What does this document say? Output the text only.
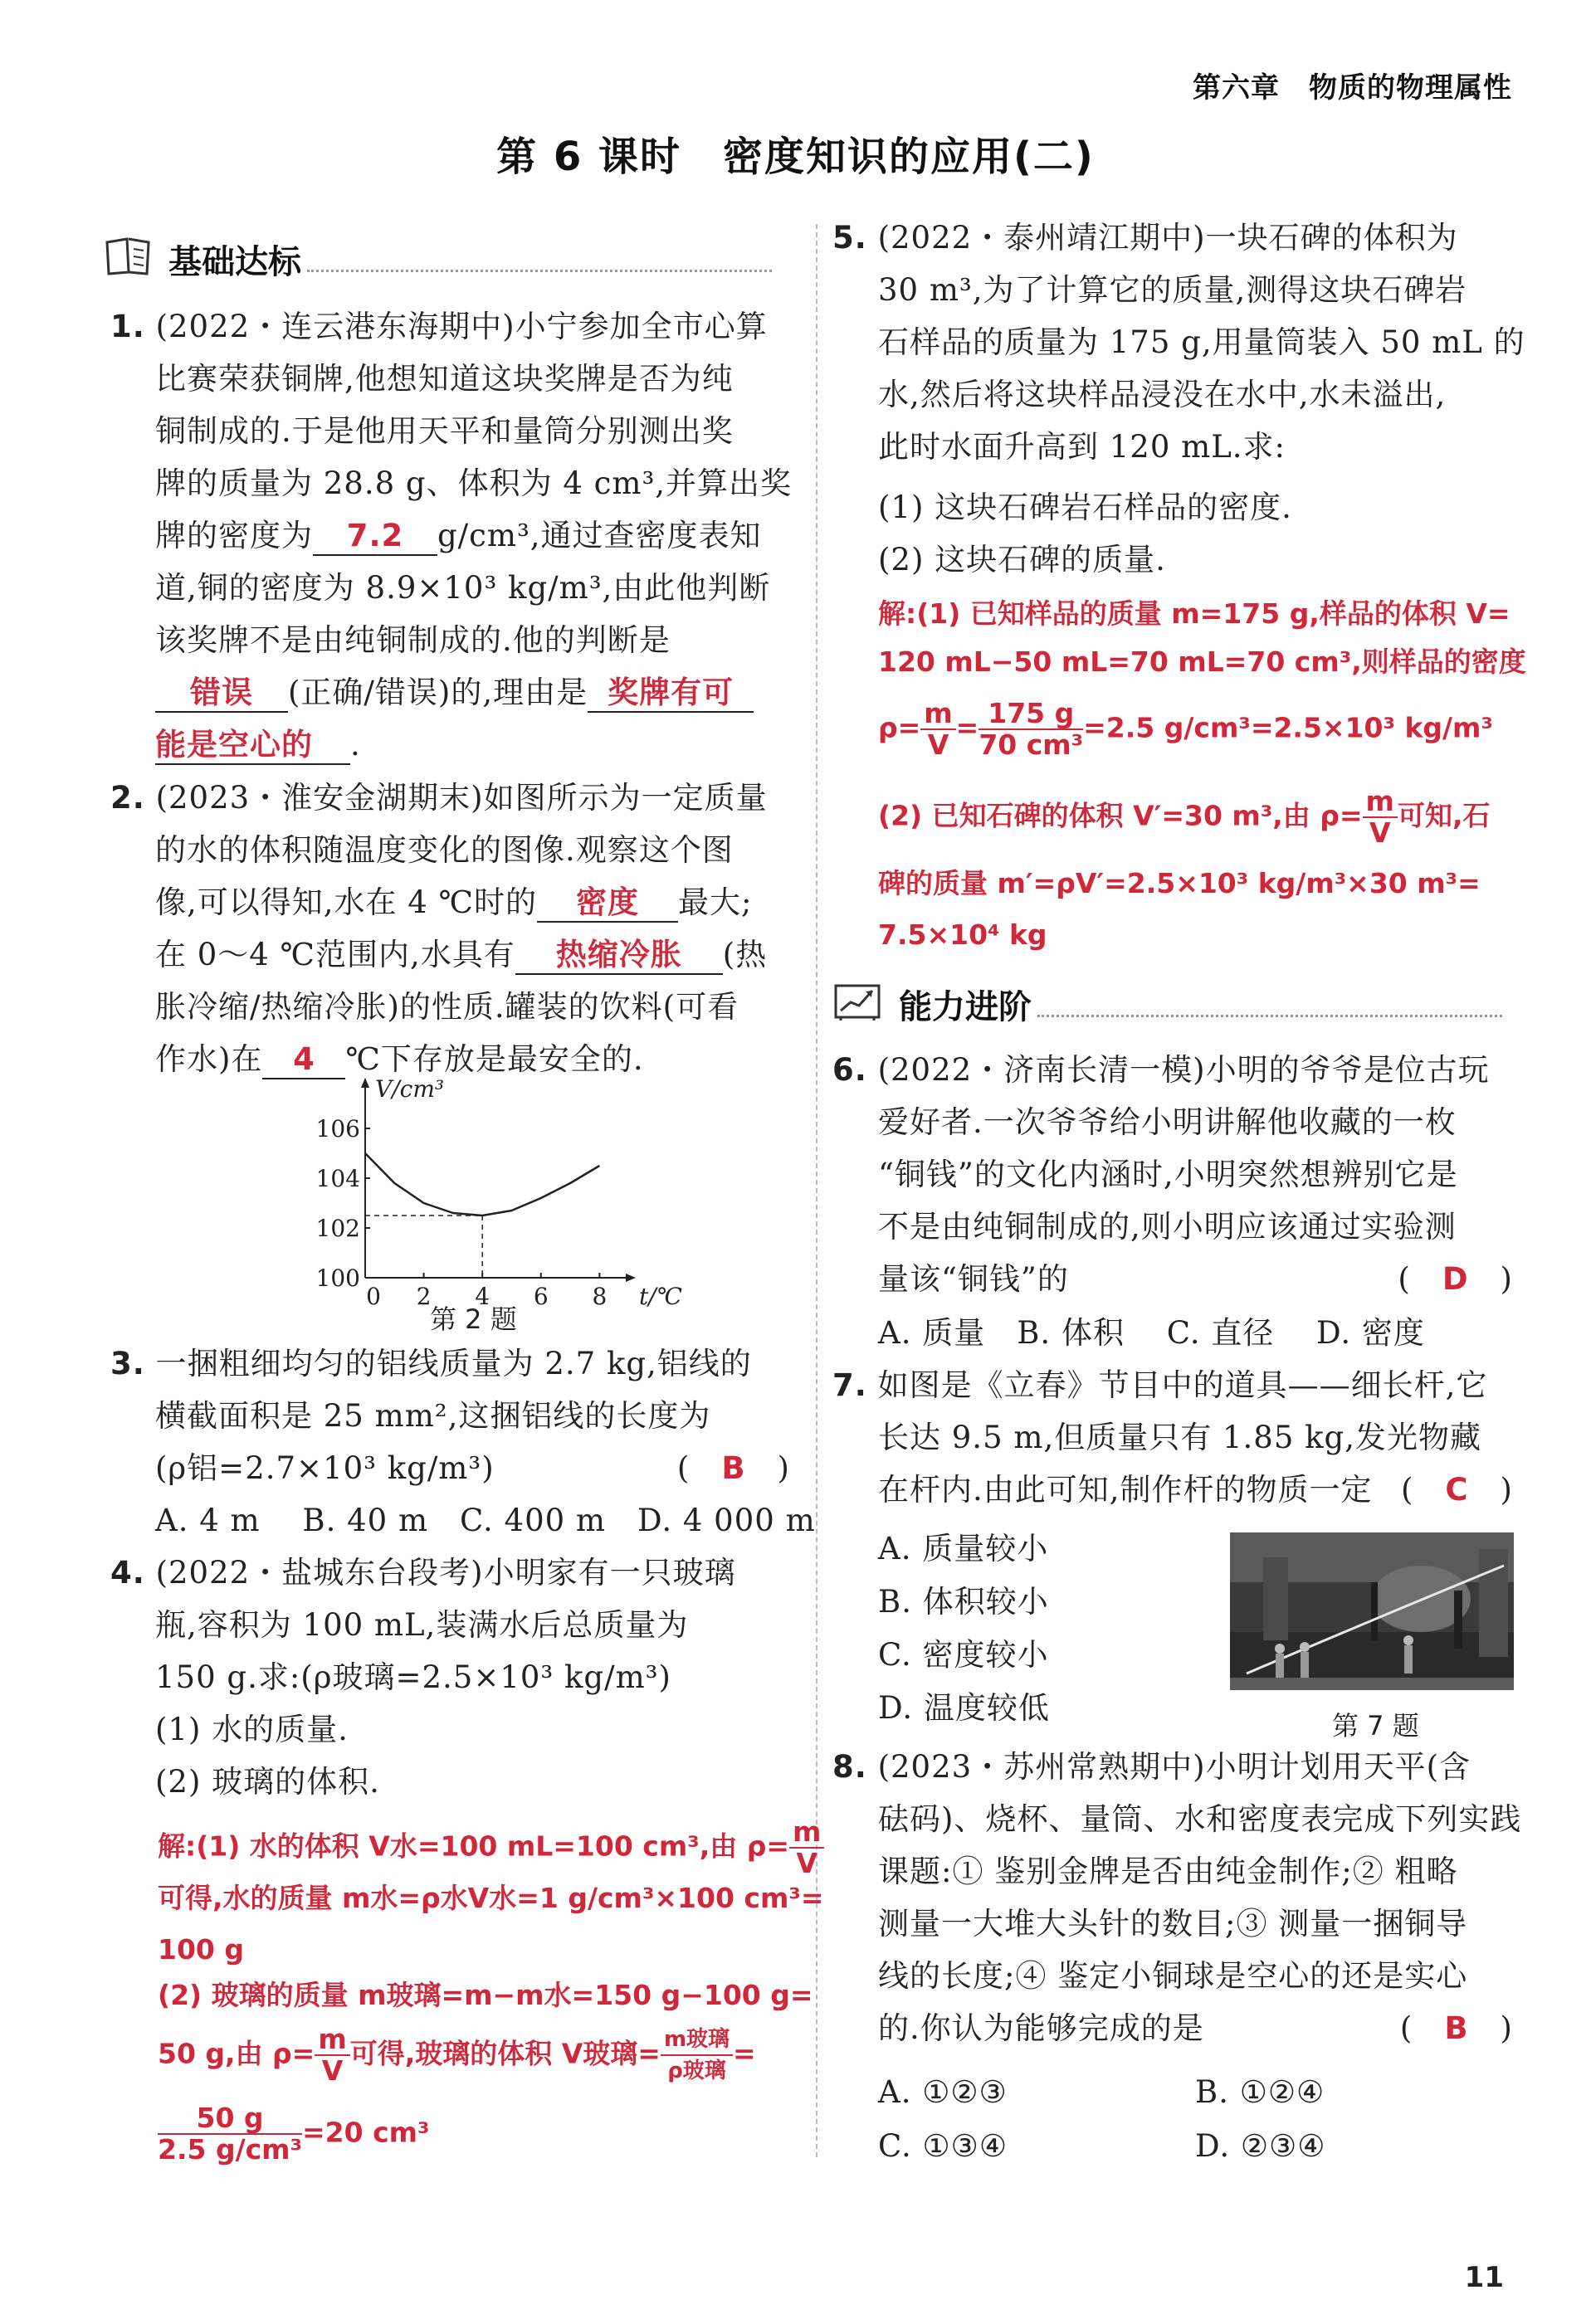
第六章　物质的物理属性
第 6 课时　密度知识的应用(二)
基础达标
1. (2022・连云港东海期中)小宁参加全市心算
比赛荣获铜牌,他想知道这块奖牌是否为纯
铜制成的.于是他用天平和量筒分别测出奖
牌的质量为 28.8 g、体积为 4 cm³,并算出奖
牌的密度为 7.2 g/cm³,通过查密度表知
道,铜的密度为 8.9×10³ kg/m³,由此他判断
该奖牌不是由纯铜制成的.他的判断是
错误 (正确/错误)的,理由是 奖牌有可
能是空心的 .
2. (2023・淮安金湖期末)如图所示为一定质量
的水的体积随温度变化的图像.观察这个图
像,可以得知,水在 4 ℃时的 密度 最大;
在 0～4 ℃范围内,水具有 热缩冷胀 (热
胀冷缩/热缩冷胀)的性质.罐装的饮料(可看
作水)在 4 ℃下存放是最安全的.
V/cm³
t/℃
0 2 4 6 8
100
102
104
106
第 2 题
3. 一捆粗细均匀的铝线质量为 2.7 kg,铝线的
横截面积是 25 mm²,这捆铝线的长度为
(ρ铝=2.7×10³ kg/m³)	(　B　)
A. 4 m　 B. 40 m　C. 400 m　D. 4 000 m
4. (2022・盐城东台段考)小明家有一只玻璃
瓶,容积为 100 mL,装满水后总质量为
150 g.求:(ρ玻璃=2.5×10³ kg/m³)
(1) 水的质量.
(2) 玻璃的体积.
解:(1) 水的体积 V水=100 mL=100 cm³,由 $\rho= \frac{m}{V}$
可得,水的质量 m水=ρ水V水=1 g/cm³×100 cm³=
100 g
(2) 玻璃的质量 m玻璃=m−m水=150 g−100 g=
50 g,由 $\rho= \frac{m}{V}$ 可得,玻璃的体积 V玻璃= $\frac{\text{m玻璃}}{\text{ρ玻璃}}$ =
$\frac{50 g}{\text{2.5 g/cm³}} =20$ cm³
5. (2022・泰州靖江期中)一块石碑的体积为
30 m³,为了计算它的质量,测得这块石碑岩
石样品的质量为 175 g,用量筒装入 50 mL 的
水,然后将这块样品浸没在水中,水未溢出,
此时水面升高到 120 mL.求:
(1) 这块石碑岩石样品的密度.
(2) 这块石碑的质量.
解:(1) 已知样品的质量 m=175 g,样品的体积 V=
120 mL−50 mL=70 mL=70 cm³,则样品的密度
$\rho= \frac{m}{V} = \frac{175 g}{\text{70 cm³}} =2.5$ g/cm³=2.5×10³ kg/m³
(2) 已知石碑的体积 V′=30 m³,由 $\rho= \frac{m}{V}$ 可知,石
碑的质量 m′=ρV′=2.5×10³ kg/m³×30 m³=
7.5×10⁴ kg
能力进阶
6. (2022・济南长清一模)小明的爷爷是位古玩
爱好者.一次爷爷给小明讲解他收藏的一枚
“铜钱”的文化内涵时,小明突然想辨别它是
不是由纯铜制成的,则小明应该通过实验测
量该“铜钱”的	(　D　)
A. 质量　B. 体积　 C. 直径　 D. 密度
7. 如图是《立春》节目中的道具——细长杆,它
长达 9.5 m,但质量只有 1.85 kg,发光物藏
在杆内.由此可知,制作杆的物质一定 (　C　)
A. 质量较小
B. 体积较小
C. 密度较小
D. 温度较低	第 7 题
8. (2023・苏州常熟期中)小明计划用天平(含
砝码)、烧杯、量筒、水和密度表完成下列实践
课题:① 鉴别金牌是否由纯金制作;② 粗略
测量一大堆大头针的数目;③ 测量一捆铜导
线的长度;④ 鉴定小铜球是空心的还是实心
的.你认为能够完成的是	(　B　)
A. ①②③	B. ①②④
C. ①③④	D. ②③④
11
